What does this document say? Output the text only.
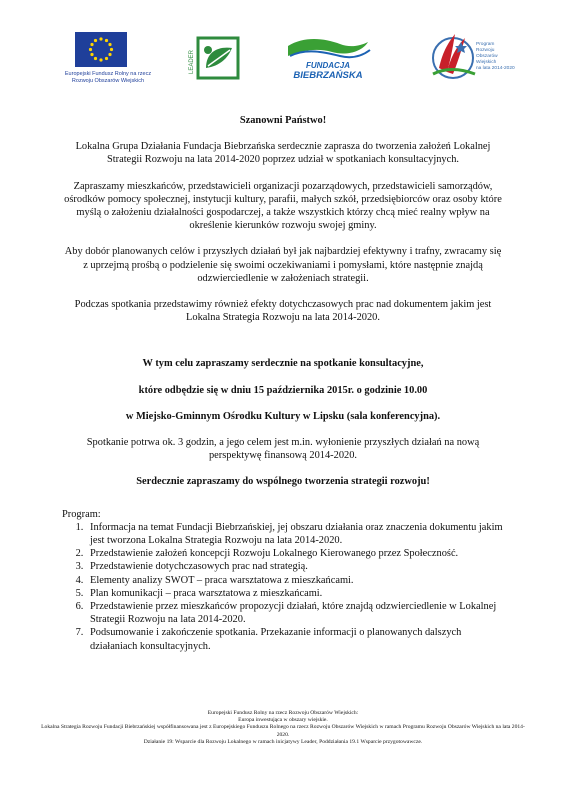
Europejski Fundusz Rolny na rzecz
Rozwoju Obszarów Wiejskich
LEADER	FUNDACJA
BIEBRZAŃSKA
Program
Rozwoju
Obszarów
Wiejskich
na lata 2014-2020
Szanowni Państwo!
Lokalna Grupa Działania Fundacja Biebrzańska serdecznie zaprasza do tworzenia założeń Lokalnej Strategii Rozwoju na lata 2014-2020 poprzez udział w spotkaniach konsultacyjnych.
Zapraszamy mieszkańców, przedstawicieli organizacji pozarządowych, przedstawicieli samorządów, ośrodków pomocy społecznej, instytucji kultury, parafii, małych szkół, przedsiębiorców oraz osoby które myślą o założeniu działalności gospodarczej, a także wszystkich którzy chcą mieć realny wpływ na określenie kierunków rozwoju swojej gminy.
Aby dobór planowanych celów i przyszłych działań był jak najbardziej efektywny i trafny, zwracamy się z uprzejmą prośbą o podzielenie się swoimi oczekiwaniami i pomysłami, które następnie znajdą odzwierciedlenie w założeniach strategii.
Podczas spotkania przedstawimy również efekty dotychczasowych prac nad dokumentem jakim jest Lokalna Strategia Rozwoju na lata 2014-2020.
W tym celu zapraszamy serdecznie na spotkanie konsultacyjne,
które odbędzie się w dniu 15 października 2015r. o godzinie 10.00
w Miejsko-Gminnym Ośrodku Kultury w Lipsku (sala konferencyjna).
Spotkanie potrwa ok. 3 godzin, a jego celem jest m.in. wyłonienie przyszłych działań na nową perspektywę finansową 2014-2020.
Serdecznie zapraszamy do wspólnego tworzenia strategii rozwoju!
Program:
1. Informacja na temat Fundacji Biebrzańskiej, jej obszaru działania oraz znaczenia dokumentu jakim jest tworzona Lokalna Strategia Rozwoju na lata 2014-2020.
2. Przedstawienie założeń koncepcji Rozwoju Lokalnego Kierowanego przez Społeczność.
3. Przedstawienie dotychczasowych prac nad strategią.
4. Elementy analizy SWOT – praca warsztatowa z mieszkańcami.
5. Plan komunikacji – praca warsztatowa z mieszkańcami.
6. Przedstawienie przez mieszkańców propozycji działań, które znajdą odzwierciedlenie w Lokalnej Strategii Rozwoju na lata 2014-2020.
7. Podsumowanie i zakończenie spotkania. Przekazanie informacji o planowanych dalszych działaniach konsultacyjnych.
Europejski Fundusz Rolny na rzecz Rozwoju Obszarów Wiejskich:
Europa inwestująca w obszary wiejskie.
Lokalna Strategia Rozwoju Fundacji Biebrzańskiej współfinansowana jest z Europejskiego Funduszu Rolnego na rzecz Rozwoju Obszarów Wiejskich w ramach Programu Rozwoju Obszarów Wiejskich na lata 2014-2020.
Działanie 19: Wsparcie dla Rozwoju Lokalnego w ramach inicjatywy Leader, Poddziałania 19.1 Wsparcie przygotowawcze.
